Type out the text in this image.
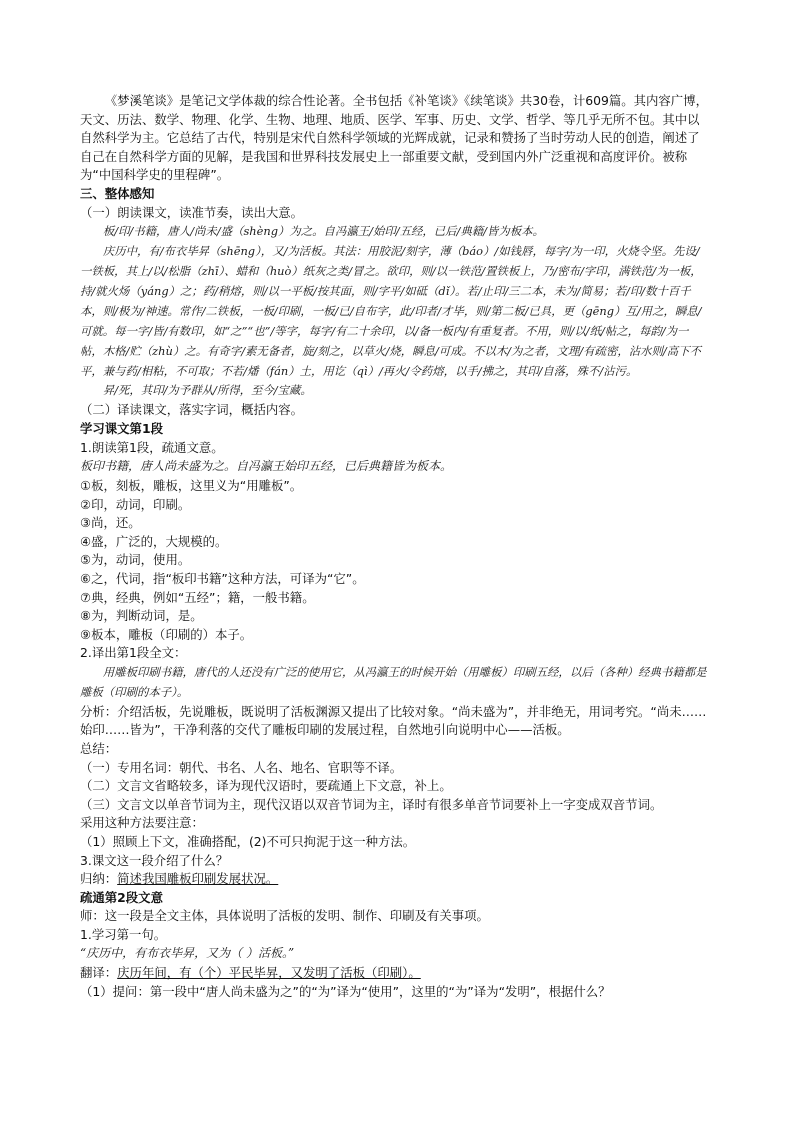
《梦溪笔谈》是笔记文学体裁的综合性论著。全书包括《补笔谈》《续笔谈》共30卷，计609篇。其内容广博，天文、历法、数学、物理、化学、生物、地理、地质、医学、军事、历史、文学、哲学、等几乎无所不包。其中以自然科学为主。它总结了古代，特别是宋代自然科学领域的光辉成就，记录和赞扬了当时劳动人民的创造，阐述了自己在自然科学方面的见解，是我国和世界科技发展史上一部重要文献，受到国内外广泛重视和高度评价。被称为“中国科学史的里程碑”。

三、整体感知

（一）朗读课文，读准节奏，读出大意。

板/印/书籍，唐人/尚未/盛（shèng）为之。自冯瀛王/始印/五经，已后/典籍/皆为板本。

庆历中，有/布衣毕昇（shēng），又/为活板。其法：用胶泥/刻字，薄（báo）/如钱唇，每字/为一印，火烧令坚。先设/一铁板，其上/以/松脂（zhī）、蜡和（huò）纸灰之类/冒之。欲印，则/以一铁范/置铁板上，乃/密布/字印，满铁范/为一板，持/就火炀（yáng）之；药/稍熔，则/以一平板/按其面，则/字平/如砥（dǐ）。若/止印/三二本，未为/简易；若/印/数十百千本，则/极为/神速。常作/二铁板，一板/印刷，一板/已/自布字，此/印者/才毕，则/第二板/已具，更（gēng）互/用之，瞬息/可就。每一字/皆/有数印，如“之”“也”/等字，每字/有二十余印，以/备一板内/有重复者。不用，则/以/纸/帖之，每韵/为一帖，木格/贮（zhù）之。有奇字/素无备者，旋/刻之，以草火/烧，瞬息/可成。不以木/为之者，文理/有疏密，沾水则/高下不平，兼与药/相粘，不可取；不若/燔（fán）土，用讫（qì）/再火/令药熔，以手/拂之，其印/自落，殊不/沾污。

昇/死，其印/为予群从/所得，至今/宝藏。

（二）译读课文，落实字词，概括内容。

学习课文第1段

1.朗读第1段，疏通文意。

板印书籍，唐人尚未盛为之。自冯瀛王始印五经，已后典籍皆为板本。

①板，刻板，雕板，这里义为“用雕板”。

②印，动词，印刷。

③尚，还。

④盛，广泛的，大规模的。

⑤为，动词，使用。

⑥之，代词，指“板印书籍”这种方法，可译为“它”。

⑦典，经典，例如“五经”；籍，一般书籍。

⑧为，判断动词，是。

⑨板本，雕板（印刷的）本子。

2.译出第1段全文：

用雕板印刷书籍，唐代的人还没有广泛的使用它，从冯瀛王的时候开始（用雕板）印刷五经，以后（各种）经典书籍都是雕板（印刷的本子）。

分析：介绍活板，先说雕板，既说明了活板渊源又提出了比较对象。“尚未盛为”，并非绝无，用词考究。“尚未……始印……皆为”，干净利落的交代了雕板印刷的发展过程，自然地引向说明中心——活板。

总结：

（一）专用名词：朝代、书名、人名、地名、官职等不译。

（二）文言文省略较多，译为现代汉语时，要疏通上下文意，补上。

（三）文言文以单音节词为主，现代汉语以双音节词为主，译时有很多单音节词要补上一字变成双音节词。

采用这种方法要注意：

（1）照顾上下文，准确搭配，(2)不可只拘泥于这一种方法。

3.课文这一段介绍了什么？

归纳：简述我国雕板印刷发展状况。

疏通第2段文意

师：这一段是全文主体，具体说明了活板的发明、制作、印刷及有关事项。

1.学习第一句。

“庆历中，有布衣毕昇，又为（ ）活板。”

翻译：庆历年间，有（个）平民毕昇，又发明了活板（印刷）。

（1）提问：第一段中“唐人尚未盛为之”的“为”译为“使用”，这里的“为”译为“发明”，根据什么？
